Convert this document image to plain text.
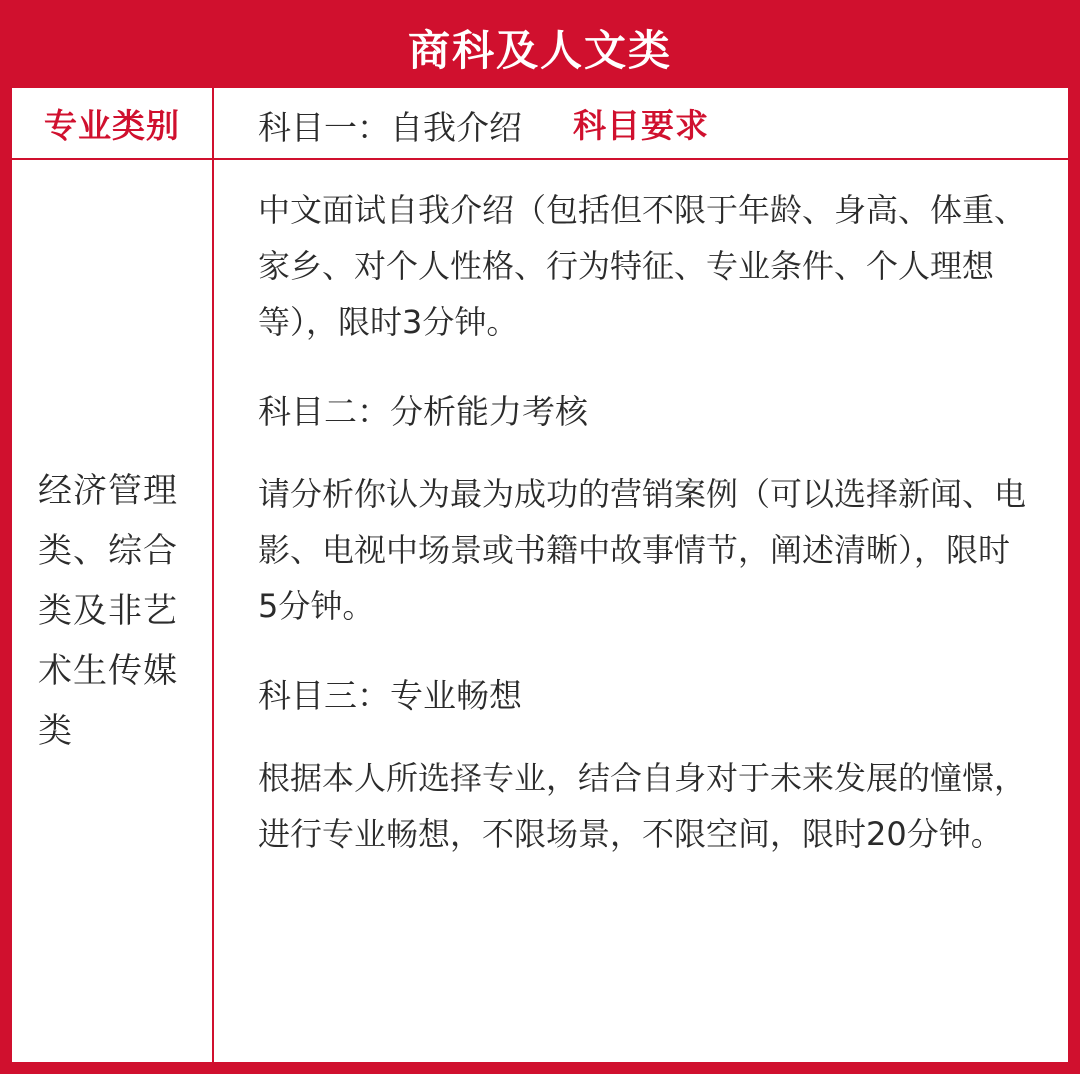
商科及人文类
专业类别	科目要求
经济管理类、综合类及非艺术生传媒类
科目一：自我介绍
中文面试自我介绍（包括但不限于年龄、身高、体重、家乡、对个人性格、行为特征、专业条件、个人理想等），限时3分钟。
科目二：分析能力考核
请分析你认为最为成功的营销案例（可以选择新闻、电影、电视中场景或书籍中故事情节，阐述清晰），限时5分钟。
科目三：专业畅想
根据本人所选择专业，结合自身对于未来发展的憧憬，进行专业畅想，不限场景，不限空间，限时20分钟。
